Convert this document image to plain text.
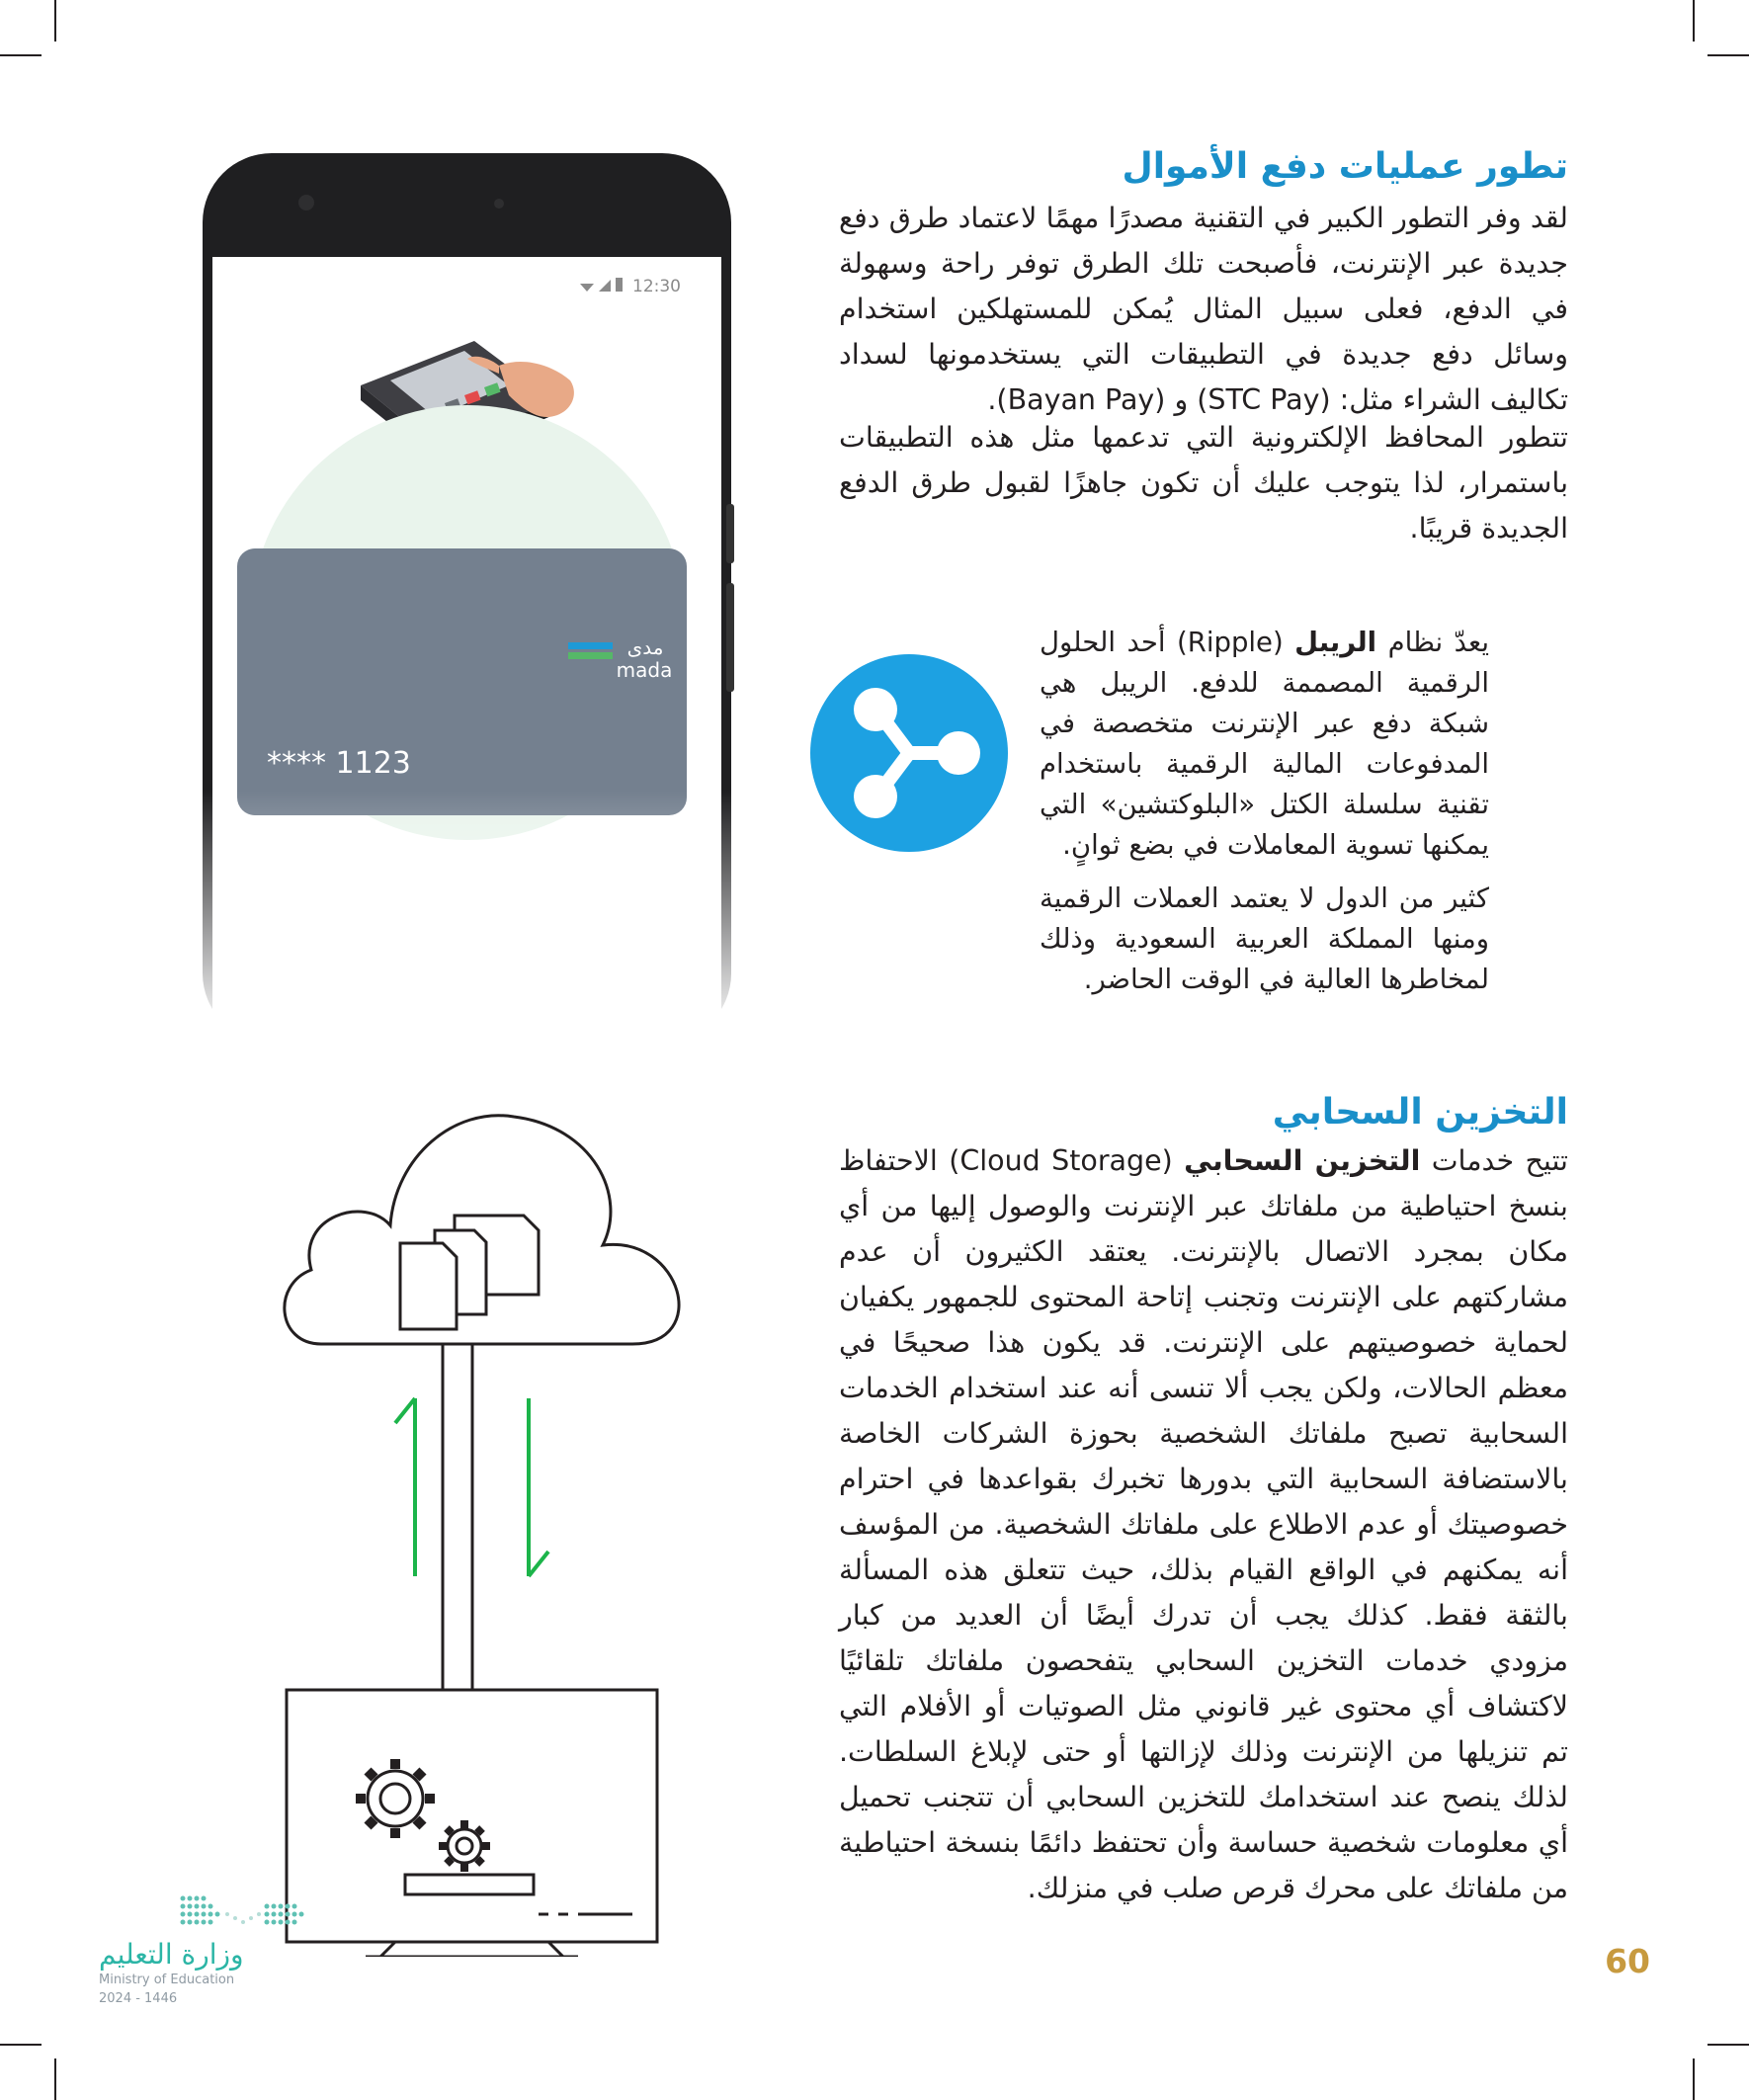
تطور عمليات دفع الأموال

لقد وفر التطور الكبير في التقنية مصدرًا مهمًا لاعتماد طرق دفع جديدة عبر الإنترنت، فأصبحت تلك الطرق توفر راحة وسهولة في الدفع، فعلى سبيل المثال يُمكن للمستهلكين استخدام وسائل دفع جديدة في التطبيقات التي يستخدمونها لسداد تكاليف الشراء مثل: (STC Pay) و (Bayan Pay).

تتطور المحافظ الإلكترونية التي تدعمها مثل هذه التطبيقات باستمرار، لذا يتوجب عليك أن تكون جاهزًا لقبول طرق الدفع الجديدة قريبًا.

12:30
مدى
mada
**** 1123

يعدّ نظام الريبل (Ripple) أحد الحلول الرقمية المصممة للدفع. الريبل هي شبكة دفع عبر الإنترنت متخصصة في المدفوعات المالية الرقمية باستخدام تقنية سلسلة الكتل «البلوكتشين» التي يمكنها تسوية المعاملات في بضع ثوانٍ.

كثير من الدول لا يعتمد العملات الرقمية ومنها المملكة العربية السعودية وذلك لمخاطرها العالية في الوقت الحاضر.

التخزين السحابي

تتيح خدمات التخزين السحابي (Cloud Storage) الاحتفاظ بنسخ احتياطية من ملفاتك عبر الإنترنت والوصول إليها من أي مكان بمجرد الاتصال بالإنترنت. يعتقد الكثيرون أن عدم مشاركتهم على الإنترنت وتجنب إتاحة المحتوى للجمهور يكفيان لحماية خصوصيتهم على الإنترنت. قد يكون هذا صحيحًا في معظم الحالات، ولكن يجب ألا تنسى أنه عند استخدام الخدمات السحابية تصبح ملفاتك الشخصية بحوزة الشركات الخاصة بالاستضافة السحابية التي بدورها تخبرك بقواعدها في احترام خصوصيتك أو عدم الاطلاع على ملفاتك الشخصية. من المؤسف أنه يمكنهم في الواقع القيام بذلك، حيث تتعلق هذه المسألة بالثقة فقط. كذلك يجب أن تدرك أيضًا أن العديد من كبار مزودي خدمات التخزين السحابي يتفحصون ملفاتك تلقائيًا لاكتشاف أي محتوى غير قانوني مثل الصوتيات أو الأفلام التي تم تنزيلها من الإنترنت وذلك لإزالتها أو حتى لإبلاغ السلطات. لذلك ينصح عند استخدامك للتخزين السحابي أن تتجنب تحميل أي معلومات شخصية حساسة وأن تحتفظ دائمًا بنسخة احتياطية من ملفاتك على محرك قرص صلب في منزلك.

وزارة التعليم
Ministry of Education
2024 - 1446
60
